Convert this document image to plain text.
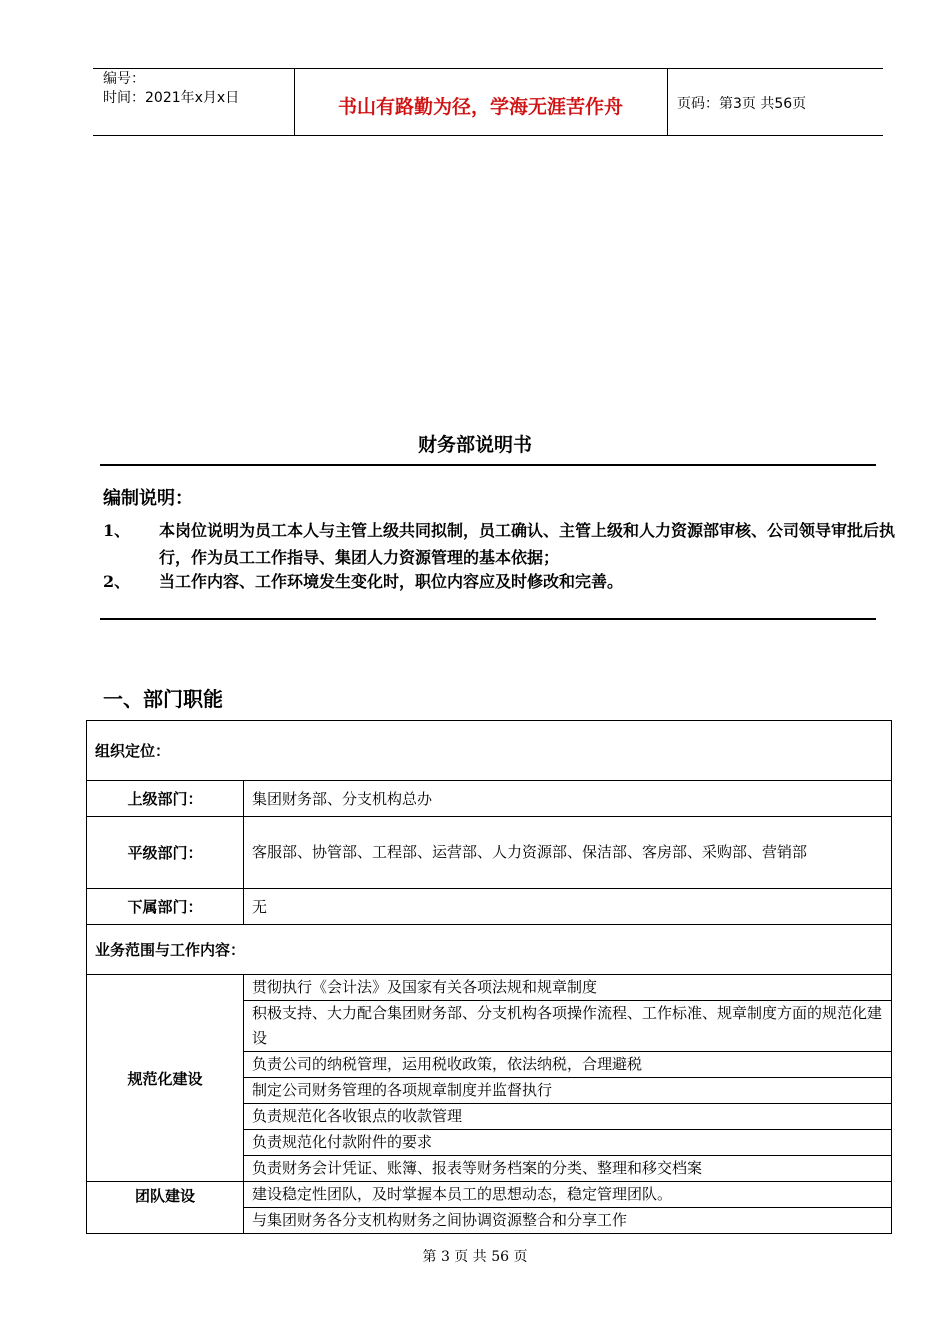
编号：
时间：2021年x月x日	书山有路勤为径，学海无涯苦作舟	页码：第3页 共56页
财务部说明书
编制说明：
1、 本岗位说明为员工本人与主管上级共同拟制，员工确认、主管上级和人力资源部审核、公司领导审批后执行，作为员工工作指导、集团人力资源管理的基本依据；
2、 当工作内容、工作环境发生变化时，职位内容应及时修改和完善。
一、部门职能
组织定位：	
上级部门：	集团财务部、分支机构总办
平级部门：	客服部、协管部、工程部、运营部、人力资源部、保洁部、客房部、采购部、营销部
下属部门：	无
业务范围与工作内容：	
规范化建设	贯彻执行《会计法》及国家有关各项法规和规章制度
	积极支持、大力配合集团财务部、分支机构各项操作流程、工作标准、规章制度方面的规范化建设
	负责公司的纳税管理，运用税收政策，依法纳税，合理避税
	制定公司财务管理的各项规章制度并监督执行
	负责规范化各收银点的收款管理
	负责规范化付款附件的要求
	负责财务会计凭证、账簿、报表等财务档案的分类、整理和移交档案
团队建设	建设稳定性团队，及时掌握本员工的思想动态，稳定管理团队。
	与集团财务各分支机构财务之间协调资源整合和分享工作
第 3 页 共 56 页
